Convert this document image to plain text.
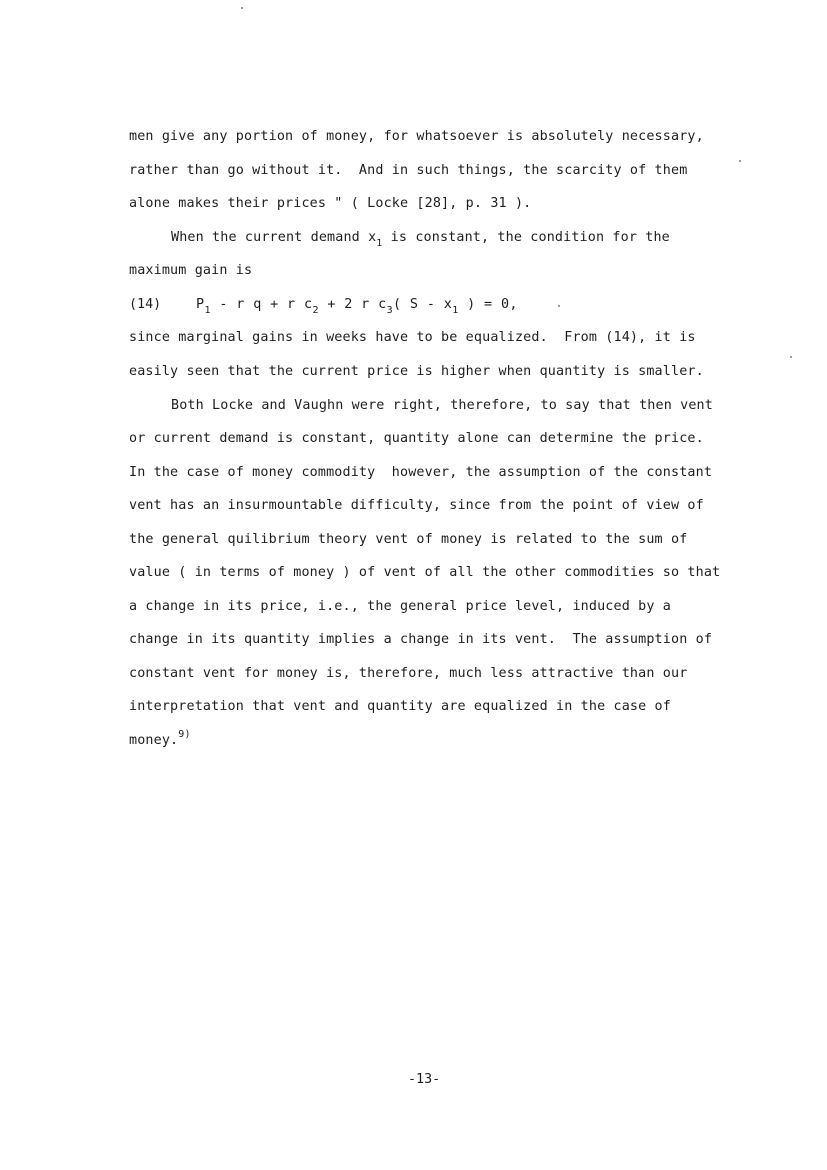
men give any portion of money, for whatsoever is absolutely necessary,

rather than go without it.  And in such things, the scarcity of them

alone makes their prices " ( Locke [28], p. 31 ).

When the current demand $x_1$ is constant, the condition for the

maximum gain is

(14)	$P_1$ - r q + r $c_2 + 2$ r $c_3$( S - $x_1$ ) = 0,

since marginal gains in weeks have to be equalized.  From (14), it is

easily seen that the current price is higher when quantity is smaller.

Both Locke and Vaughn were right, therefore, to say that then vent

or current demand is constant, quantity alone can determine the price.

In the case of money commodity  however, the assumption of the constant

vent has an insurmountable difficulty, since from the point of view of

the general quilibrium theory vent of money is related to the sum of

value ( in terms of money ) of vent of all the other commodities so that

a change in its price, i.e., the general price level, induced by a

change in its quantity implies a change in its vent.  The assumption of

constant vent for money is, therefore, much less attractive than our

interpretation that vent and quantity are equalized in the case of

money.$^{9)}$

-13-
